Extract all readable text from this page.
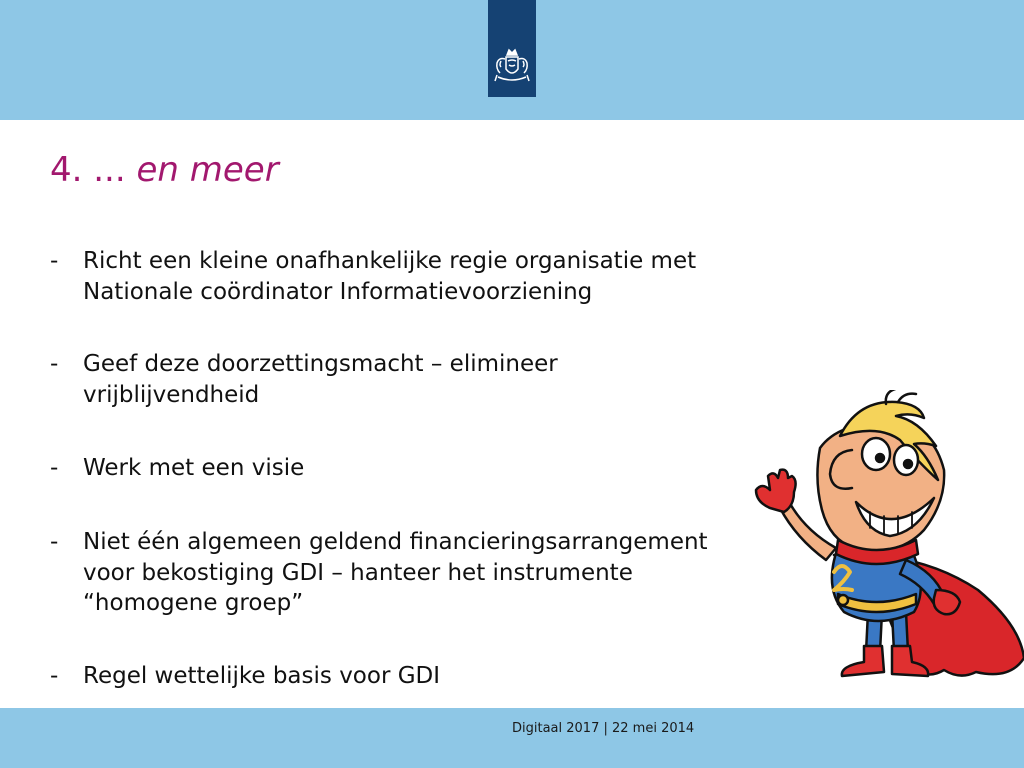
4. ... en meer
-	Richt een kleine onafhankelijke regie organisatie met
Nationale coördinator Informatievoorziening
-	Geef deze doorzettingsmacht – elimineer
vrijblijvendheid
-	Werk met een visie
-	Niet één algemeen geldend financieringsarrangement
voor bekostiging GDI – hanteer het instrumente
“homogene groep”
-	Regel wettelijke basis voor GDI
Digitaal 2017 | 22 mei 2014
